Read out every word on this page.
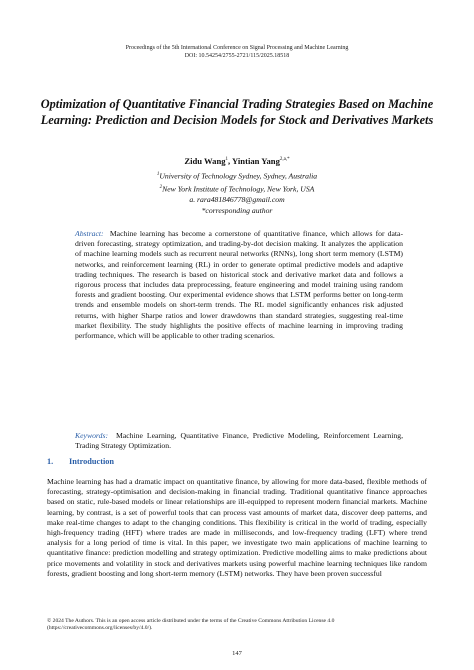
Proceedings of the 5th International Conference on Signal Processing and Machine Learning
DOI: 10.54254/2755-2721/115/2025.18518
Optimization of Quantitative Financial Trading Strategies Based on Machine Learning: Prediction and Decision Models for Stock and Derivatives Markets
Zidu Wang$^1$, Yintian Yang$^{2,a,*}$
$^1$University of Technology Sydney, Sydney, Australia
$^2$New York Institute of Technology, New York, USA
a. rara481846778@gmail.com
*corresponding author
Abstract: Machine learning has become a cornerstone of quantitative finance, which allows for data-driven forecasting, strategy optimization, and trading-by-dot decision making. It analyzes the application of machine learning models such as recurrent neural networks (RNNs), long short term memory (LSTM) networks, and reinforcement learning (RL) in order to generate optimal predictive models and adaptive trading techniques. The research is based on historical stock and derivative market data and follows a rigorous process that includes data preprocessing, feature engineering and model training using random forests and gradient boosting. Our experimental evidence shows that LSTM performs better on long-term trends and ensemble models on short-term trends. The RL model significantly enhances risk adjusted returns, with higher Sharpe ratios and lower drawdowns than standard strategies, suggesting real-time market flexibility. The study highlights the positive effects of machine learning in improving trading performance, which will be applicable to other trading scenarios.
Keywords: Machine Learning, Quantitative Finance, Predictive Modeling, Reinforcement Learning, Trading Strategy Optimization.
1. Introduction
Machine learning has had a dramatic impact on quantitative finance, by allowing for more data-based, flexible methods of forecasting, strategy-optimisation and decision-making in financial trading. Traditional quantitative finance approaches based on static, rule-based models or linear relationships are ill-equipped to represent modern financial markets. Machine learning, by contrast, is a set of powerful tools that can process vast amounts of market data, discover deep patterns, and make real-time changes to adapt to the changing conditions. This flexibility is critical in the world of trading, especially high-frequency trading (HFT) where trades are made in milliseconds, and low-frequency trading (LFT) where trend analysis for a long period of time is vital. In this paper, we investigate two main applications of machine learning to quantitative finance: prediction modelling and strategy optimization. Predictive modelling aims to make predictions about price movements and volatility in stock and derivatives markets using powerful machine learning techniques like random forests, gradient boosting and long short-term memory (LSTM) networks. They have been proven successful
© 2024 The Authors. This is an open access article distributed under the terms of the Creative Commons Attribution License 4.0
(https://creativecommons.org/licenses/by/4.0/).
147
